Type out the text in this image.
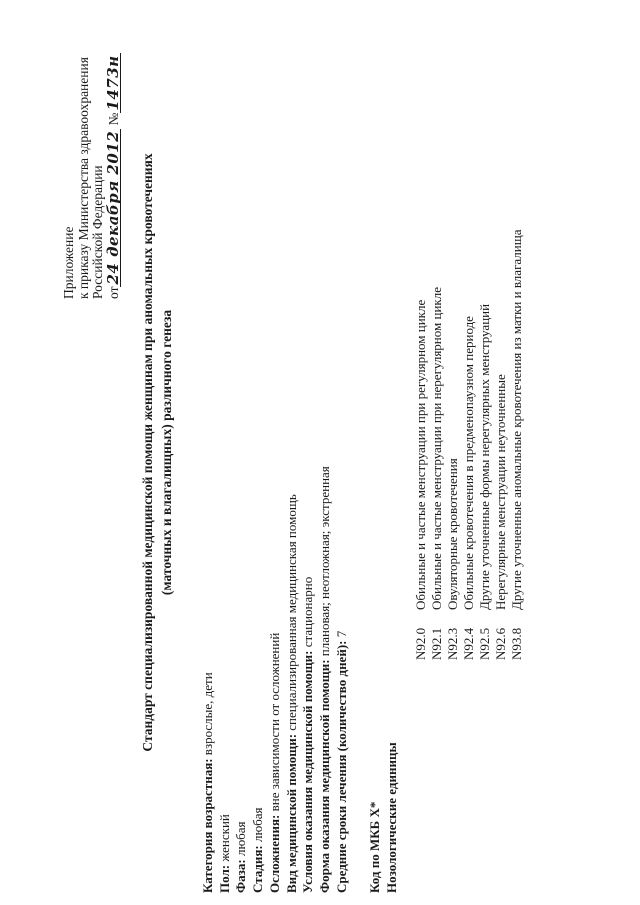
Приложение к приказу Министерства здравоохранения Российской Федерации от24 декабря 2012 №1473н
Стандарт специализированной медицинской помощи женщинам при аномальных кровотечениях (маточных и влагалищных) различного генеза
Категория возрастная: взрослые, дети
Пол: женский
Фаза: любая
Стадия: любая Осложнения: вне зависимости от осложнений Вид медицинской помощи: специализированная медицинская помощь
Условия оказания медицинской помощи: стационарно
Форма оказания медицинской помощи: плановая; неотложная; экстренная
Средние сроки лечения (количество дней): 7
Код по МКБ X* Нозологические единицы
N92.0
Обильные и частые менструации при регулярном цикле
N92.1
Обильные и частые менструации при нерегулярном цикле
N92.3
Овуляторные кровотечения
N92.4
Обильные кровотечения в предменопаузном периоде
N92.5
Другие уточненные формы нерегулярных менструаций
N92.6
Нерегулярные менструации неуточненные
N93.8
Другие уточненные аномальные кровотечения из матки и влагалища
